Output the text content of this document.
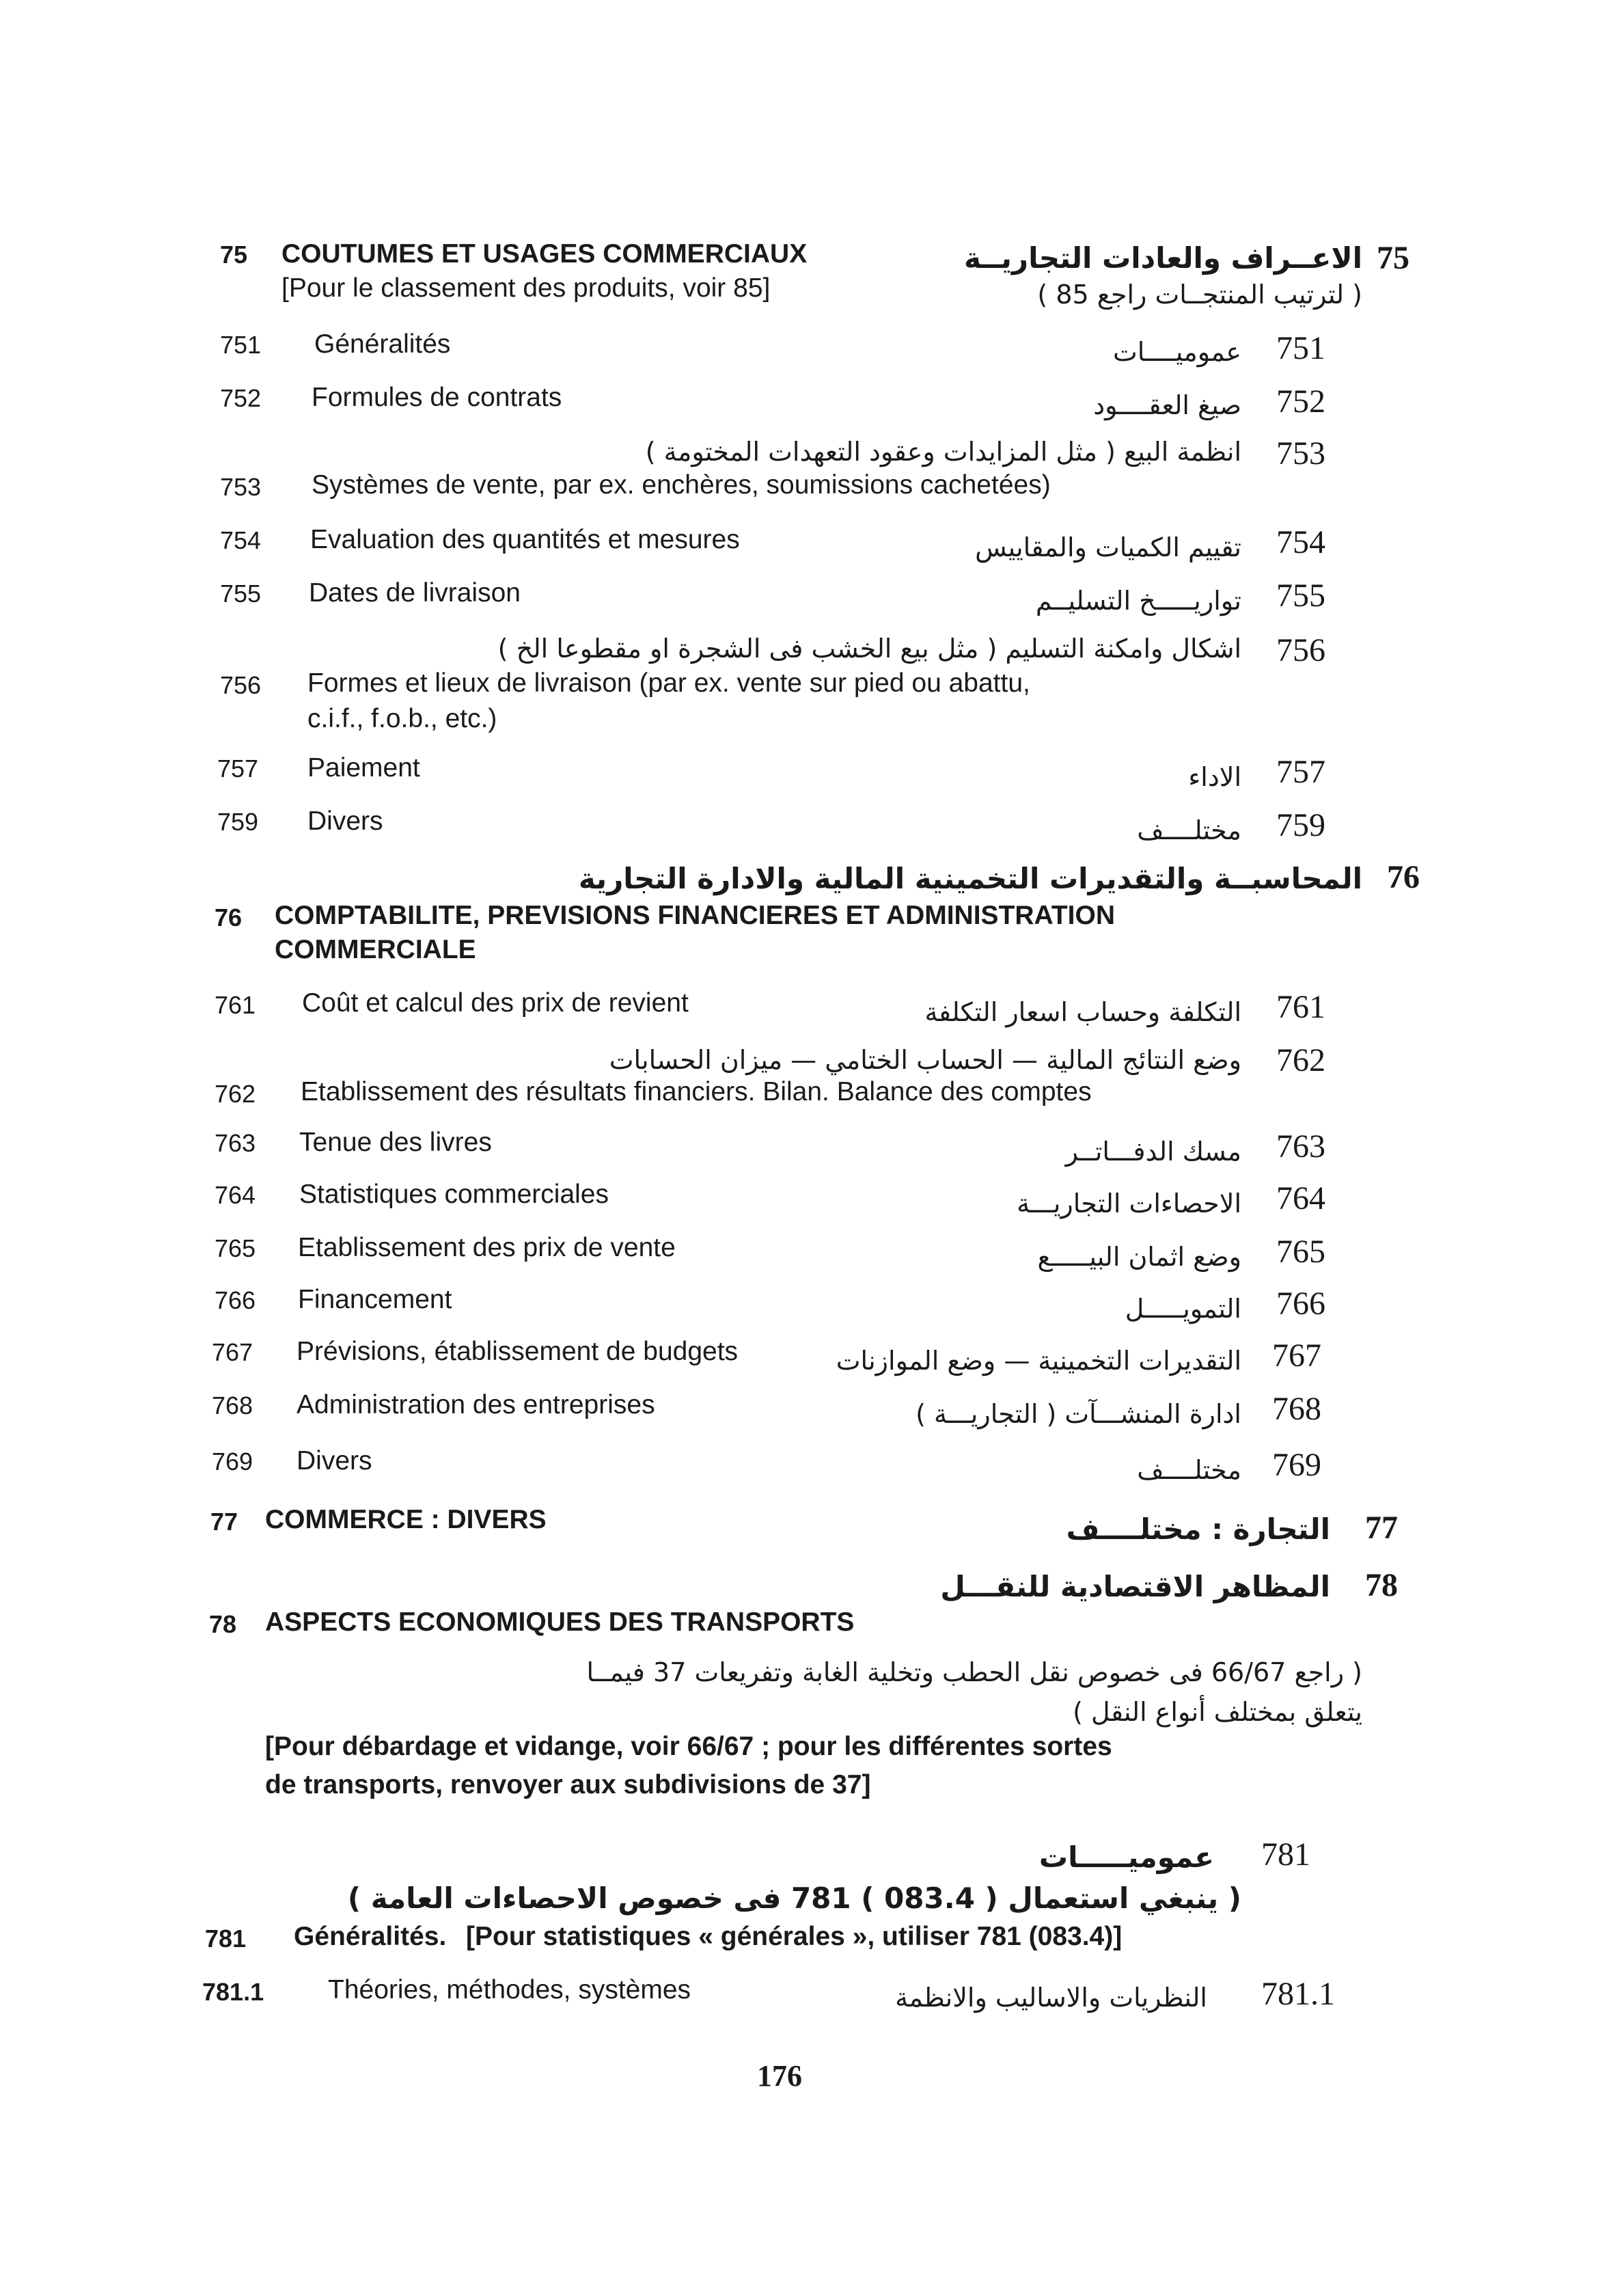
75 COUTUMES ET USAGES COMMERCIAUX
[Pour le classement des produits, voir 85]
الاعــراف والعادات التجاريــة 75
( لترتيب المنتجــات راجع 85 )
751 Généralités	عموميــــات 751
752 Formules de contrats	صيغ العقــــود 752
انظمة البيع ( مثل المزايدات وعقود التعهدات المختومة ) 753
753 Systèmes de vente, par ex. enchères, soumissions cachetées)
754 Evaluation des quantités et mesures	تقييم الكميات والمقاييس 754
755 Dates de livraison	تواريـــــخ التسليــم 755
اشكال وامكنة التسليم ( مثل بيع الخشب فى الشجرة او مقطوعا الخ ) 756
756 Formes et lieux de livraison (par ex. vente sur pied ou abattu,
c.i.f., f.o.b., etc.)
757 Paiement	الاداء 757
759 Divers	مختلــــف 759
المحاسبــة والتقديرات التخمينية المالية والادارة التجارية 76
76 COMPTABILITE, PREVISIONS FINANCIERES ET ADMINISTRATION
COMMERCIALE
761 Coût et calcul des prix de revient	التكلفة وحساب اسعار التكلفة 761
وضع النتائج المالية — الحساب الختامي — ميزان الحسابات 762
762 Etablissement des résultats financiers. Bilan. Balance des comptes
763 Tenue des livres	مسك الدفـــاتــر 763
764 Statistiques commerciales	الاحصاءات التجاريـــة 764
765 Etablissement des prix de vente	وضع اثمان البيـــــع 765
766 Financement	التمويـــــل 766
767 Prévisions, établissement de budgets	التقديرات التخمينية — وضع الموازنات 767
768 Administration des entreprises	ادارة المنشـــآت ( التجاريـــة ) 768
769 Divers	مختلــــف 769
77 COMMERCE : DIVERS	التجارة : مختلــــف 77
المظاهر الاقتصادية للنقـــل 78
78 ASPECTS ECONOMIQUES DES TRANSPORTS
( راجع 66/67 فى خصوص نقل الحطب وتخلية الغابة وتفريعات 37 فيمــا
يتعلق بمختلف أنواع النقل )
[Pour débardage et vidange, voir 66/67 ; pour les différentes sortes
de transports, renvoyer aux subdivisions de 37]
عموميـــــات 781
( ينبغي استعمال ( 083.4 ) 781 فى خصوص الاحصاءات العامة )
781 Généralités. [Pour statistiques « générales », utiliser 781 (083.4)]
781.1 Théories, méthodes, systèmes	النظريات والاساليب والانظمة 781.1
176
